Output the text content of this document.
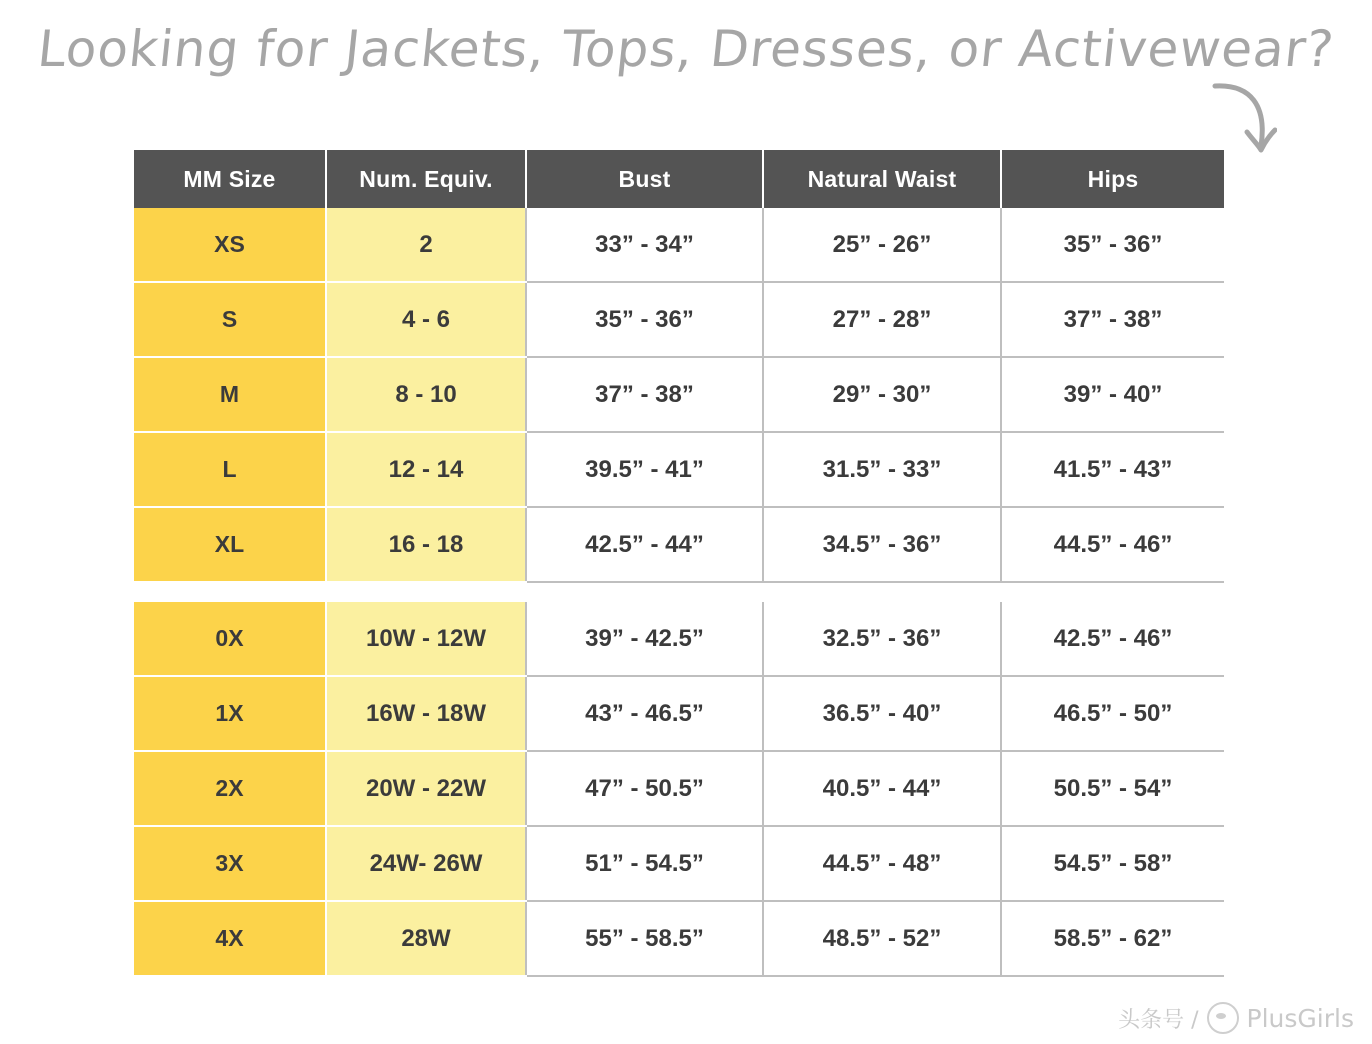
Looking for Jackets, Tops, Dresses, or Activewear?
MM Size	Num. Equiv.	Bust	Natural Waist	Hips
XS	2	33” - 34”	25” - 26”	35” - 36”
S	4 - 6	35” - 36”	27” - 28”	37” - 38”
M	8 - 10	37” - 38”	29” - 30”	39” - 40”
L	12 - 14	39.5” - 41”	31.5” - 33”	41.5” - 43”
XL	16 - 18	42.5” - 44”	34.5” - 36”	44.5” - 46”
0X	10W - 12W	39” - 42.5”	32.5” - 36”	42.5” - 46”
1X	16W - 18W	43” - 46.5”	36.5” - 40”	46.5” - 50”
2X	20W - 22W	47” - 50.5”	40.5” - 44”	50.5” - 54”
3X	24W- 26W	51” - 54.5”	44.5” - 48”	54.5” - 58”
4X	28W	55” - 58.5”	48.5” - 52”	58.5” - 62”
头条号 / PlusGirls
